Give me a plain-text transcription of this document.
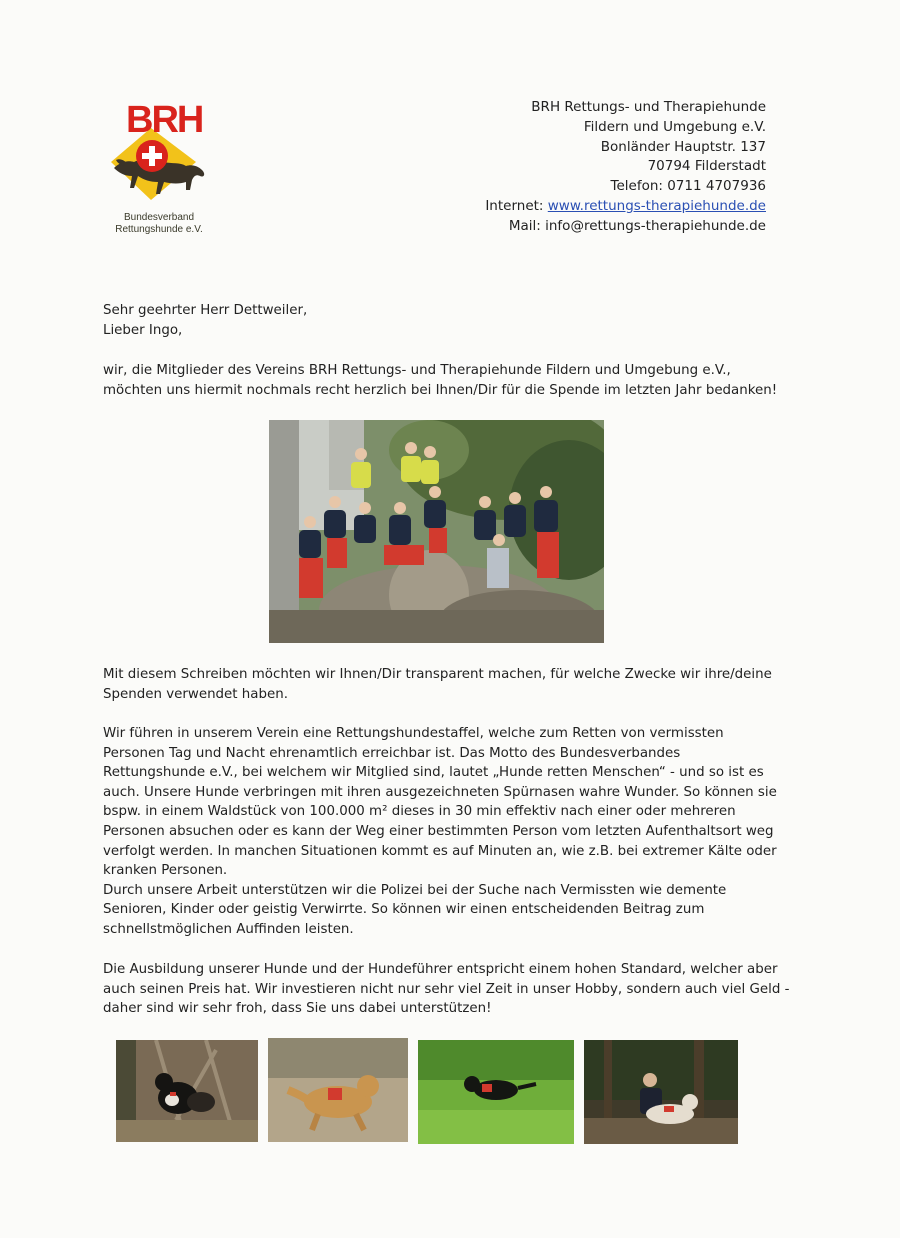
BRH
Bundesverband
Rettungshunde e.V.
BRH Rettungs- und Therapiehunde
Fildern und Umgebung e.V.
Bonländer Hauptstr. 137
70794 Filderstadt
Telefon: 0711 4707936
Internet: www.rettungs-therapiehunde.de
Mail: info@rettungs-therapiehunde.de
Sehr geehrter Herr Dettweiler,
Lieber Ingo,
wir, die Mitglieder des Vereins BRH Rettungs- und Therapiehunde Fildern und Umgebung e.V.,
möchten uns hiermit nochmals recht herzlich bei Ihnen/Dir für die Spende im letzten Jahr bedanken!
Mit diesem Schreiben möchten wir Ihnen/Dir transparent machen, für welche Zwecke wir ihre/deine
Spenden verwendet haben.
Wir führen in unserem Verein eine Rettungshundestaffel, welche zum Retten von vermissten
Personen Tag und Nacht ehrenamtlich erreichbar ist. Das Motto des Bundesverbandes
Rettungshunde e.V., bei welchem wir Mitglied sind, lautet „Hunde retten Menschen“ - und so ist es
auch. Unsere Hunde verbringen mit ihren ausgezeichneten Spürnasen wahre Wunder. So können sie
bspw. in einem Waldstück von 100.000 m² dieses in 30 min effektiv nach einer oder mehreren
Personen absuchen oder es kann der Weg einer bestimmten Person vom letzten Aufenthaltsort weg
verfolgt werden. In manchen Situationen kommt es auf Minuten an, wie z.B. bei extremer Kälte oder
kranken Personen.
Durch unsere Arbeit unterstützen wir die Polizei bei der Suche nach Vermissten wie demente
Senioren, Kinder oder geistig Verwirrte. So können wir einen entscheidenden Beitrag zum
schnellstmöglichen Auffinden leisten.
Die Ausbildung unserer Hunde und der Hundeführer entspricht einem hohen Standard, welcher aber
auch seinen Preis hat. Wir investieren nicht nur sehr viel Zeit in unser Hobby, sondern auch viel Geld -
daher sind wir sehr froh, dass Sie uns dabei unterstützen!
